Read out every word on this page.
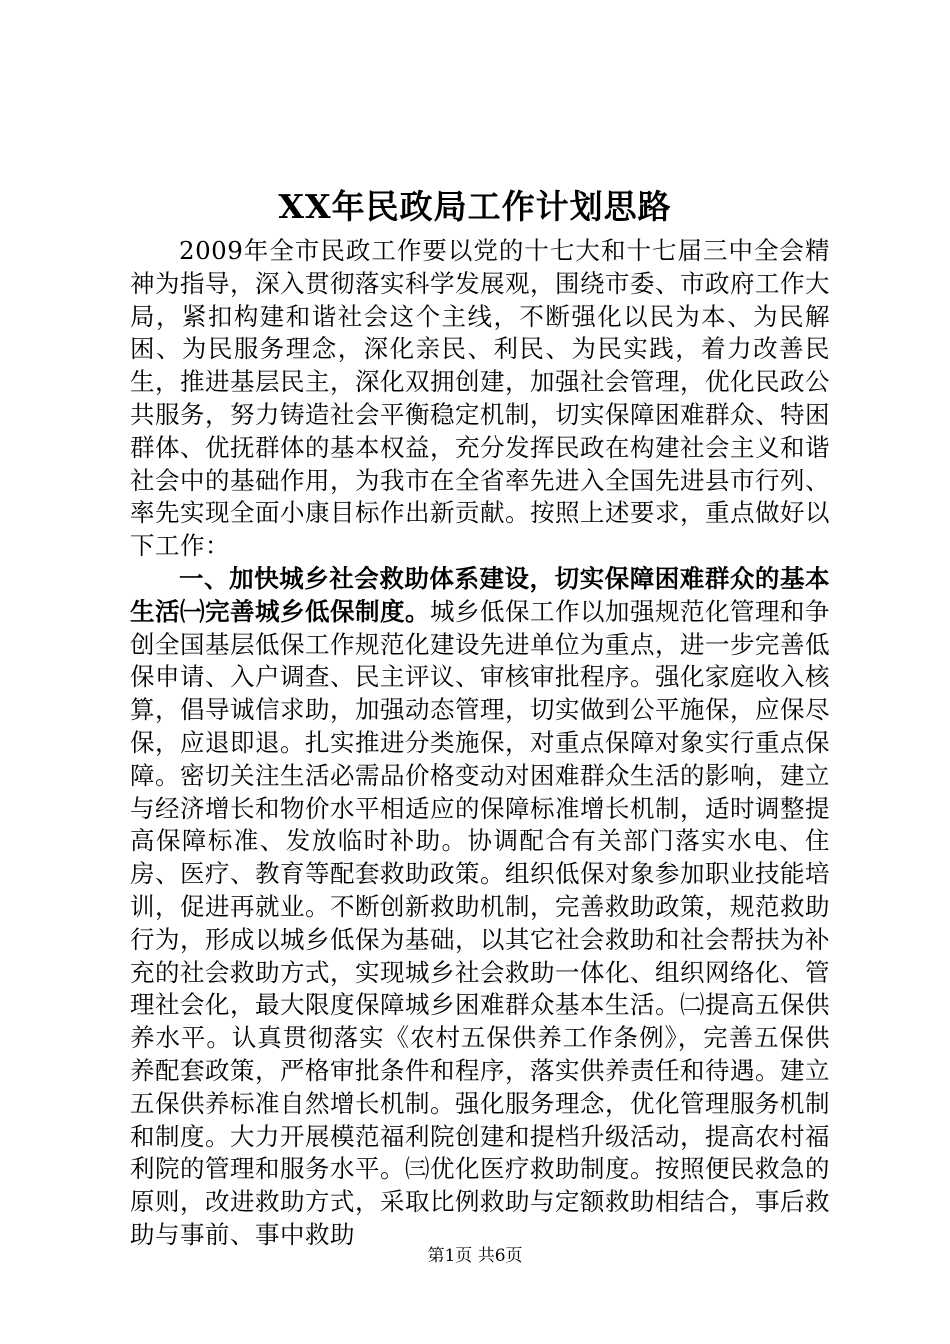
XX年民政局工作计划思路

2009年全市民政工作要以党的十七大和十七届三中全会精神为指导，深入贯彻落实科学发展观，围绕市委、市政府工作大局，紧扣构建和谐社会这个主线，不断强化以民为本、为民解困、为民服务理念，深化亲民、利民、为民实践，着力改善民生，推进基层民主，深化双拥创建，加强社会管理，优化民政公共服务，努力铸造社会平衡稳定机制，切实保障困难群众、特困群体、优抚群体的基本权益，充分发挥民政在构建社会主义和谐社会中的基础作用，为我市在全省率先进入全国先进县市行列、率先实现全面小康目标作出新贡献。按照上述要求，重点做好以下工作：

一、加快城乡社会救助体系建设，切实保障困难群众的基本生活㈠完善城乡低保制度。城乡低保工作以加强规范化管理和争创全国基层低保工作规范化建设先进单位为重点，进一步完善低保申请、入户调查、民主评议、审核审批程序。强化家庭收入核算，倡导诚信求助，加强动态管理，切实做到公平施保，应保尽保，应退即退。扎实推进分类施保，对重点保障对象实行重点保障。密切关注生活必需品价格变动对困难群众生活的影响，建立与经济增长和物价水平相适应的保障标准增长机制，适时调整提高保障标准、发放临时补助。协调配合有关部门落实水电、住房、医疗、教育等配套救助政策。组织低保对象参加职业技能培训，促进再就业。不断创新救助机制，完善救助政策，规范救助行为，形成以城乡低保为基础，以其它社会救助和社会帮扶为补充的社会救助方式，实现城乡社会救助一体化、组织网络化、管理社会化，最大限度保障城乡困难群众基本生活。㈡提高五保供养水平。认真贯彻落实《农村五保供养工作条例》，完善五保供养配套政策，严格审批条件和程序，落实供养责任和待遇。建立五保供养标准自然增长机制。强化服务理念，优化管理服务机制和制度。大力开展模范福利院创建和提档升级活动，提高农村福利院的管理和服务水平。㈢优化医疗救助制度。按照便民救急的原则，改进救助方式，采取比例救助与定额救助相结合，事后救助与事前、事中救助

第1页 共6页
